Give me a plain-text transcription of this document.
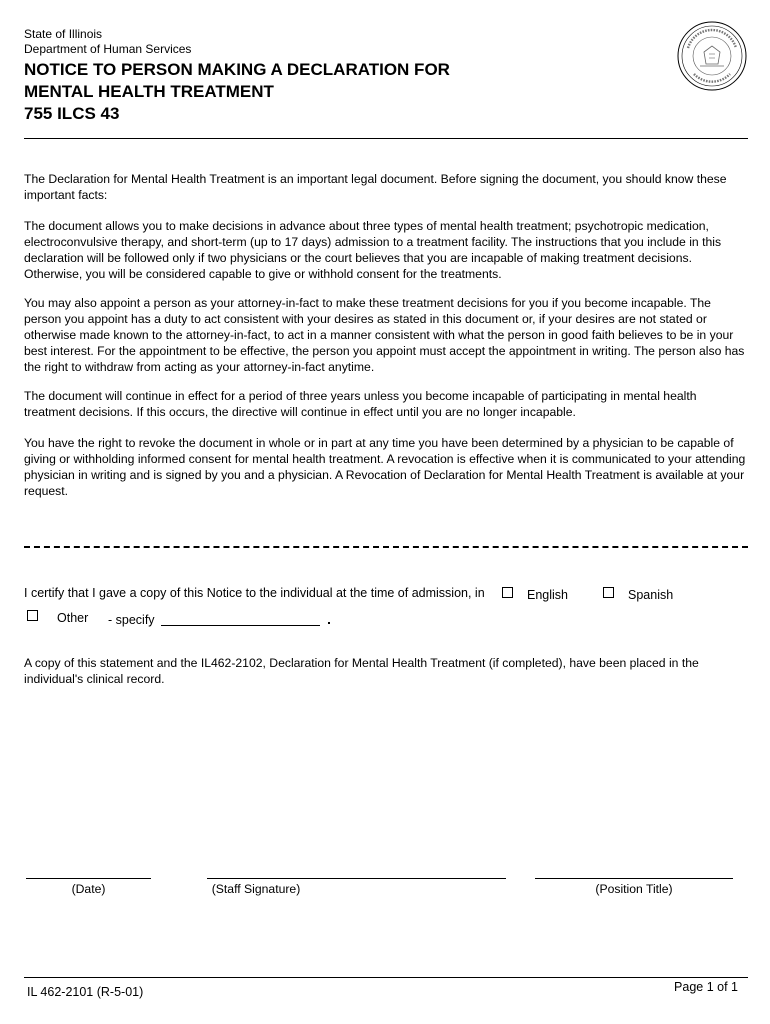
State of Illinois
Department of Human Services
NOTICE TO PERSON MAKING A DECLARATION FOR
MENTAL HEALTH TREATMENT
755 ILCS 43
The Declaration for Mental Health Treatment is an important legal document. Before signing the document, you should know these important facts:
The document allows you to make decisions in advance about three types of mental health treatment; psychotropic medication, electroconvulsive therapy, and short-term (up to 17 days) admission to a treatment facility. The instructions that you include in this declaration will be followed only if two physicians or the court believes that you are incapable of making treatment decisions. Otherwise, you will be considered capable to give or withhold consent for the treatments.
You may also appoint a person as your attorney-in-fact to make these treatment decisions for you if you become incapable. The person you appoint has a duty to act consistent with your desires as stated in this document or, if your desires are not stated or otherwise made known to the attorney-in-fact, to act in a manner consistent with what the person in good faith believes to be in your best interest. For the appointment to be effective, the person you appoint must accept the appointment in writing. The person also has the right to withdraw from acting as your attorney-in-fact anytime.
The document will continue in effect for a period of three years unless you become incapable of participating in mental health treatment decisions. If this occurs, the directive will continue in effect until you are no longer incapable.
You have the right to revoke the document in whole or in part at any time you have been determined by a physician to be capable of giving or withholding informed consent for mental health treatment. A revocation is effective when it is communicated to your attending physician in writing and is signed by you and a physician. A Revocation of Declaration for Mental Health Treatment is available at your request.
I certify that I gave a copy of this Notice to the individual at the time of admission, in	English	Spanish
Other - specify
A copy of this statement and the IL462-2102, Declaration for Mental Health Treatment (if completed), have been placed in the individual's clinical record.
(Date)	(Staff Signature)	(Position Title)
IL 462-2101 (R-5-01)	Page 1 of 1
